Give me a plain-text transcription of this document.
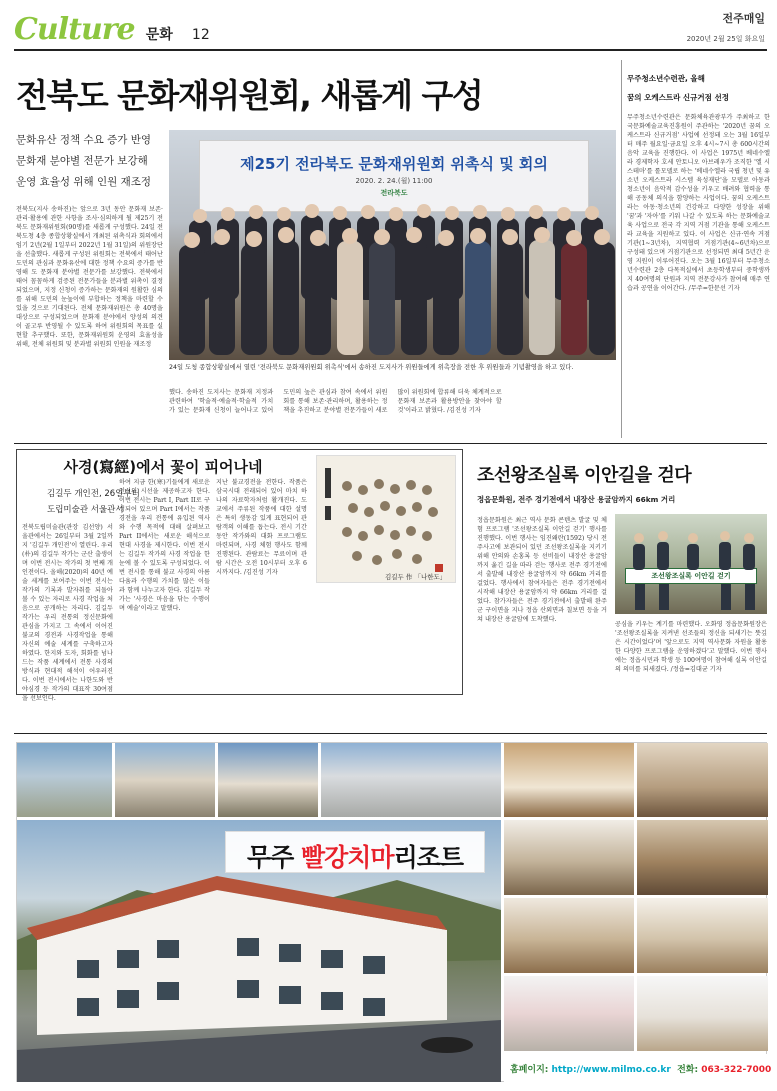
Culture 문화 12
전주매일
2020년 2월 25일 화요일
전북도 문화재위원회, 새롭게 구성
문화유산 정책 수요 증가 반영
문화재 분야별 전문가 보강해
운영 효율성 위해 인원 재조정
전북도(지사 송하진)는 앞으로 3년 동안 문화재 보존·관리·활용에 관한 사항을 조사·심의하게 될 제25기 전북도 문화재위원회(90명)를 새롭게 구성했다. 24일 전북도청 4층 종합상황실에서 개최된 위촉식과 회의에서 임기 2년(2월 1일부터 2022년 1월 31일)의 위원장단을 선출했다. 새롭게 구성된 위원회는 전북에서 태어난 도민의 관심과 문화유산에 대한 정책 수요의 증가를 반영해 도 문화재 분야별 전문가를 보강했다. 전북에서 태어 꼼꼼하게 검증된 전문가들을 분과별 위촉이 결정되었으며, 지정 신청이 증가하는 문화재의 원활한 심의를 위해 도민의 눈높이에 부합하는 정책을 마련할 수 있을 것으로 기대된다. 전체 문화재위원은 총 40명을 대상으로 구성되었으며 문화재 분야에서 양성의 의견이 골고루 반영될 수 있도록 하여 위원회의 목표를 실현할 추구했다. 또한, 문화재위원회 운영의 효율성을 위해, 전체 위원회 및 분과별 위원회 인원을 재조정
제25기 전라북도 문화재위원회 위촉식 및 회의
2020. 2. 24.(월) 11:00
전라북도
24일 도청 종합상황실에서 열린 '전라북도 문화재위원회 위촉식'에서 송하진 도지사가 위원들에게 위촉장을 전한 후 위원들과 기념촬영을 하고 있다.
했다. 송하진 도지사는 문화재 지정과 관련하여 '학술적·예술적·학술적 가치가 있는 문화재 신청이 늘어나고 있어 도민의 높은 관심과 참여 속에서 위원회를 통해 보존·관리하며, 활용하는 정책을 추진하고 분야별 전문가들이 새로 많이 위원회에 합류해 더욱 체계적으로 문화재 보존과 활용방안을 찾아야 할 것'이라고 밝혔다. /김진성 기자
무주청소년수련관, 올해
꿈의 오케스트라 신규거점 선정
무주청소년수련관은 문화체육관광부가 주최하고 한국문화예술교육진흥원이 주관하는 '2020년 꿈의 오케스트라 신규거점' 사업에 선정돼 오는 3월 16일부터 매주 월요일·금요일 오후 4시~7시 총 600시간의 음악 교육을 진행한다. 이 사업은 1975년 베네수엘라 경제학자 호세 안토니오 아브레우가 조직한 '엘 시스테마'를 롤모델로 하는 '베네수엘라 국립 청년 및 유소년 오케스트라 시스템 육성재단'을 모델로 아동과 청소년이 음악적 감수성을 키우고 배려와 협력을 통해 공동체 의식을 함양하는 사업이다. 꿈의 오케스트라는 아동·청소년의 건강하고 다양한 성장을 위해 '꿈'과 '자아'를 키워 나갈 수 있도록 하는 문화예술교육 사업으로 전국 각 지역 거점 기관을 통해 오케스트라 교육을 지원하고 있다. 이 사업은 신규·연속 거점기관(1~3년차), 지역협력 거점기관(4~6년차)으로 구성돼 있으며 거점기관으로 선정되면 최대 5년간 운영 지원이 이루어진다. 오는 3월 16일부터 무주청소년수련관 2층 다목적실에서 초등학생부터 중학생까지 40여명의 단원과 지역 전문강사가 참여해 매주 연습과 공연을 이어간다. /무주=한문선 기자
사경(寫經)에서 꽃이 피어나네
김길두 개인전, 26일부터
도립미술관 서울관서
전북도립미술관(관장 김선양) 서울관에서는 26일부터 3월 2일까지 '김길두 개인전'이 열린다. 우리(朴)의 김길두 작가는 군산 출생이며 이번 전시는 작가의 첫 번째 개인전이다. 올해(2020)의 40년 예술 세계를 보여주는 이번 전시는 작가의 기록과 발자취를 되돌아 볼 수 있는 자리로 사경 작업을 처음으로 공개하는 자리다. 김길두 작가는 우리 전통의 정신문화에 관심을 가지고 그 속에서 이어진 불교의 경전과 사경작업을 통해 자신의 예술 세계를 구축하고자 하였다. 한지와 도자, 회화를 넘나드는 작품 세계에서 전통 사경의 방식과 현대적 해석이 어우러진다. 이번 전시에서는 나한도와 반야심경 등 작가의 대표작 30여점을 선보인다.
하여 지금 한(寒)기들에게 새로운 인식의 시선을 제공하고자 한다. 이번 전시는 Part I, Part II로 구성되어 있으며 Part I에서는 작품 경전을 우리 전통에 유입된 역사와 수행 목적에 대해 살펴보고 Part II에서는 새로운 해석으로 현대 사경을 제시한다. 이번 전시는 김길두 작가의 사경 작업을 한눈에 볼 수 있도록 구성되었다. 이번 전시를 통해 불교 사경의 아름다움과 수행의 가치를 많은 이들과 함께 나누고자 한다. 김길두 작가는 '사경은 마음을 닦는 수행이며 예술'이라고 말했다.
지난 불교경전을 전한다. 작품은 삼국시대 전래되어 있어 마치 하나의 자료학자처럼 활개진다. 도교에서 주류된 작품에 대한 설명은 특히 생동감 있게 표현되어 관람객의 이해를 돕는다. 전시 기간 동안 작가와의 대화 프로그램도 마련되며, 사경 체험 행사도 함께 진행된다. 관람료는 무료이며 관람 시간은 오전 10시부터 오후 6시까지다. /김진성 기자
김길두 作 「나한도」
조선왕조실록 이안길을 걷다
정읍문화원, 전주 경기전에서 내장산 용굴암까지 66km 거리
정읍문화원은 최근 역사 문화 콘텐츠 발굴 및 체험 프로그램 '조선왕조실록 이안길 걷기' 행사를 진행했다. 이번 행사는 임진왜란(1592) 당시 전주사고에 보관되어 있던 조선왕조실록을 지키기 위해 안의와 손홍록 등 선비들이 내장산 용굴암까지 옮긴 길을 따라 걷는 행사로 전주 경기전에서 출발해 내장산 용굴암까지 약 66km 거리를 걸었다. 행사에서 참여자들은 전주 경기전에서 시작해 내장산 용굴암까지 약 66km 거리를 걸었다. 참가자들은 전주 경기전에서 출발해 완주군 구이면을 지나 정읍 산외면과 칠보면 등을 거쳐 내장산 용굴암에 도착했다.
조선왕조실록 이안길 걷기
공심을 키우는 계기를 마련했다. 오화영 정읍문화원장은 '조선왕조실록을 지켜낸 선조들의 정신을 되새기는 뜻깊은 시간이었다'며 '앞으로도 지역 역사문화 자원을 활용한 다양한 프로그램을 운영하겠다'고 말했다. 이번 행사에는 정읍시민과 학생 등 100여명이 참여해 실록 이안길의 의미를 되새겼다. /정읍=김대균 기자
무주 빨강치마리조트
홈페이지: http://www.milmo.co.kr  전화: 063-322-7000
